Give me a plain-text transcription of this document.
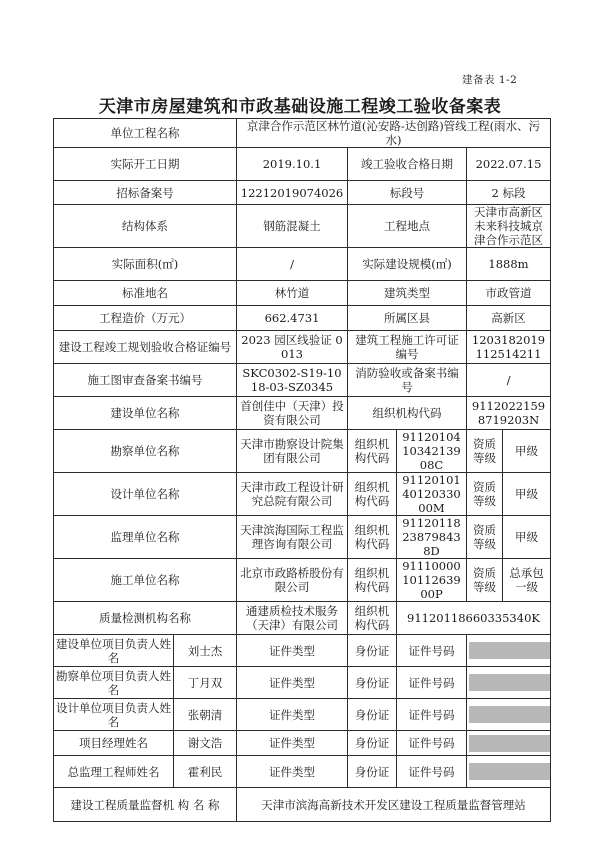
建备表 1-2
天津市房屋建筑和市政基础设施工程竣工验收备案表
单位工程名称		京津合作示范区林竹道(沁安路-达创路)管线工程(雨水、污水)				
实际开工日期		2019.10.1	竣工验收合格日期		2022.07.15	
招标备案号		12212019074026	标段号		2 标段	
结构体系		钢筋混凝土	工程地点		天津市高新区未来科技城京津合作示范区	
实际面积(㎡)		/	实际建设规模(㎡)		1888m	
标准地名		林竹道	建筑类型		市政管道	
工程造价（万元）		662.4731	所属区县		高新区	
建设工程竣工规划验收合格证编号		2023 园区线验证 0013	建筑工程施工许可证编号		12031820191125142​11	
施工图审查备案书编号		SKC0302-S19-1018-03-SZ0345	消防验收或备案书编号		/	
建设单位名称		首创佳中（天津）投资有限公司	组织机构代码		91120221598719203N	
勘察单位名称		天津市勘察设计院集团有限公司	组织机构代码	911201041034213908C	资质等级	甲级
设计单位名称		天津市政工程设计研究总院有限公司	组织机构代码	911201014012033000M	资质等级	甲级
监理单位名称		天津滨海国际工程监理咨询有限公司	组织机构代码	91120118238798438D	资质等级	甲级
施工单位名称		北京市政路桥股份有限公司	组织机构代码	911100001011263900P	资质等级	总承包一级
质量检测机构名称		通建质检技术服务（天津）有限公司	组织机构代码	91120118660335340K		
建设单位项目负责人姓名	刘士杰	证件类型	身份证	证件号码		

勘察单位项目负责人姓名	丁月双	证件类型	身份证	证件号码		

设计单位项目负责人姓名	张朝清	证件类型	身份证	证件号码		

项目经理姓名	谢文浩	证件类型	身份证	证件号码		

总监理工程师姓名	霍利民	证件类型	身份证	证件号码		

建设工程质量监督机 构 名 称		天津市滨海高新技术开发区建设工程质量监督管理站				
